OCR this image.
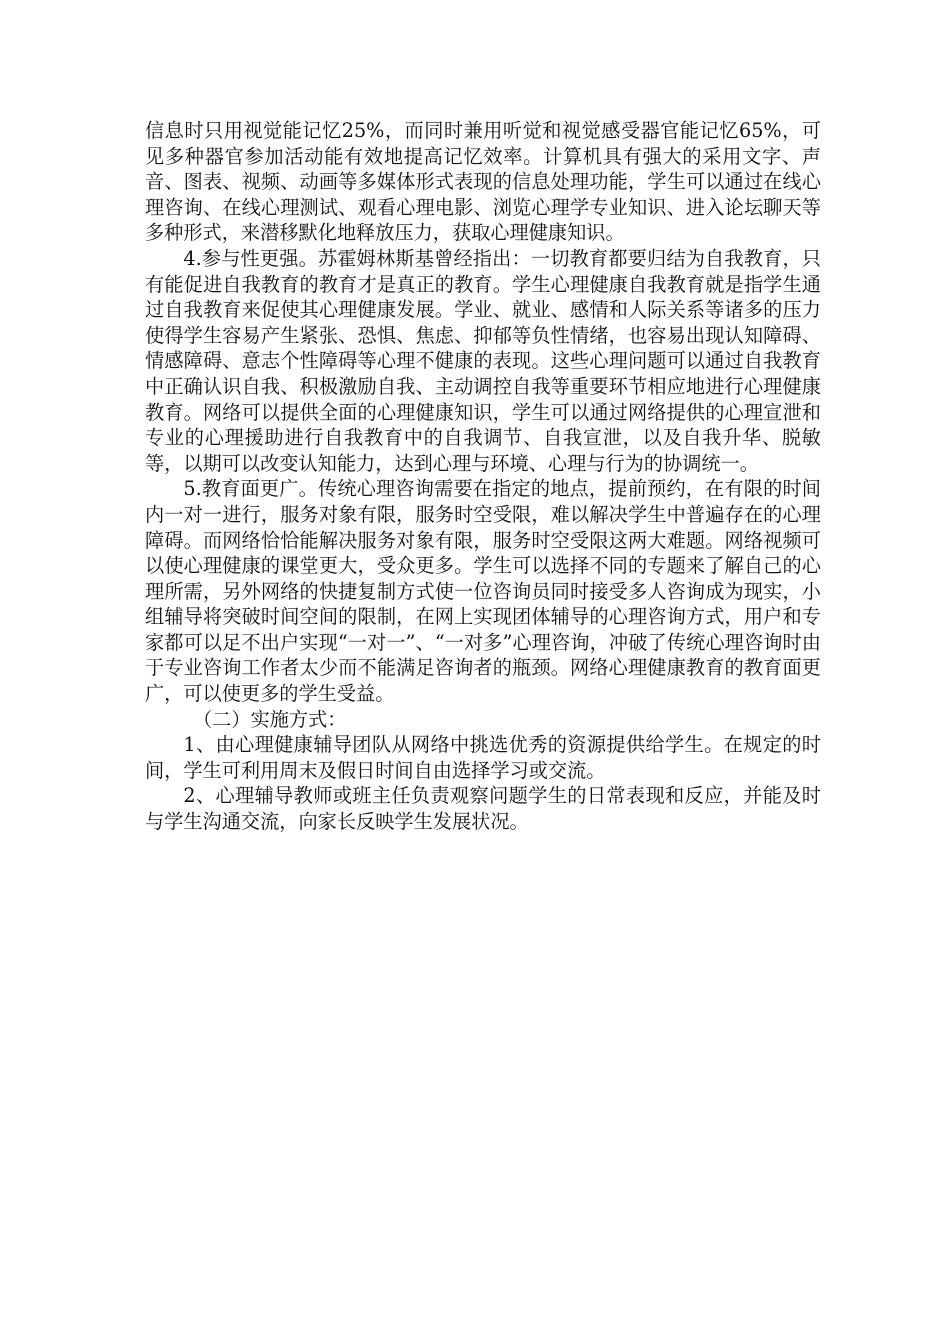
信息时只用视觉能记忆25%，而同时兼用听觉和视觉感受器官能记忆65%，可见多种器官参加活动能有效地提高记忆效率。计算机具有强大的采用文字、声音、图表、视频、动画等多媒体形式表现的信息处理功能，学生可以通过在线心理咨询、在线心理测试、观看心理电影、浏览心理学专业知识、进入论坛聊天等多种形式，来潜移默化地释放压力，获取心理健康知识。

4.参与性更强。苏霍姆林斯基曾经指出：一切教育都要归结为自我教育，只有能促进自我教育的教育才是真正的教育。学生心理健康自我教育就是指学生通过自我教育来促使其心理健康发展。学业、就业、感情和人际关系等诸多的压力使得学生容易产生紧张、恐惧、焦虑、抑郁等负性情绪，也容易出现认知障碍、情感障碍、意志个性障碍等心理不健康的表现。这些心理问题可以通过自我教育中正确认识自我、积极激励自我、主动调控自我等重要环节相应地进行心理健康教育。网络可以提供全面的心理健康知识，学生可以通过网络提供的心理宣泄和专业的心理援助进行自我教育中的自我调节、自我宣泄，以及自我升华、脱敏等，以期可以改变认知能力，达到心理与环境、心理与行为的协调统一。

5.教育面更广。传统心理咨询需要在指定的地点，提前预约，在有限的时间内一对一进行，服务对象有限，服务时空受限，难以解决学生中普遍存在的心理障碍。而网络恰恰能解决服务对象有限，服务时空受限这两大难题。网络视频可以使心理健康的课堂更大，受众更多。学生可以选择不同的专题来了解自己的心理所需，另外网络的快捷复制方式使一位咨询员同时接受多人咨询成为现实，小组辅导将突破时间空间的限制，在网上实现团体辅导的心理咨询方式，用户和专家都可以足不出户实现“一对一”、“一对多”心理咨询，冲破了传统心理咨询时由于专业咨询工作者太少而不能满足咨询者的瓶颈。网络心理健康教育的教育面更广，可以使更多的学生受益。

（二）实施方式：

1、由心理健康辅导团队从网络中挑选优秀的资源提供给学生。在规定的时间，学生可利用周末及假日时间自由选择学习或交流。

2、心理辅导教师或班主任负责观察问题学生的日常表现和反应，并能及时与学生沟通交流，向家长反映学生发展状况。
